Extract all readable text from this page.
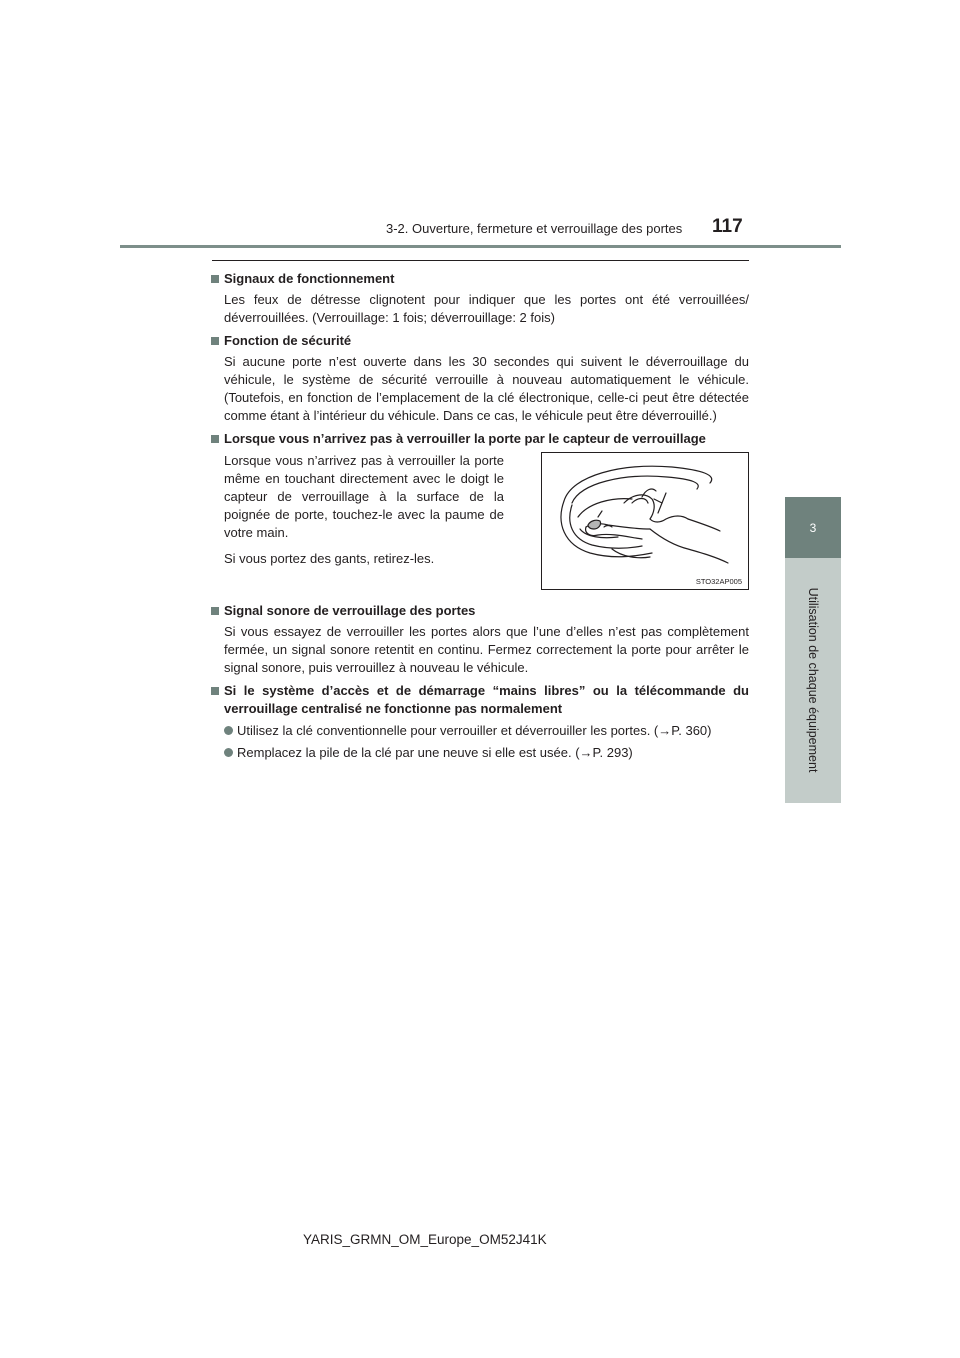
3-2. Ouverture, fermeture et verrouillage des portes 117
3
Utilisation de chaque équipement
Signaux de fonctionnement
Les feux de détresse clignotent pour indiquer que les portes ont été verrouillées/ déverrouillées. (Verrouillage: 1 fois; déverrouillage: 2 fois)
Fonction de sécurité
Si aucune porte n’est ouverte dans les 30 secondes qui suivent le déverrouillage du véhicule, le système de sécurité verrouille à nouveau automatiquement le véhicule. (Toutefois, en fonction de l’emplacement de la clé électronique, celle-ci peut être détectée comme étant à l’intérieur du véhicule. Dans ce cas, le véhicule peut être déverrouillé.)
Lorsque vous n’arrivez pas à verrouiller la porte par le capteur de verrouillage

Lorsque vous n’arrivez pas à verrouiller la porte même en touchant directement avec le doigt le capteur de verrouillage à la surface de la poignée de porte, touchez-le avec la paume de votre main.

Si vous portez des gants, retirez-les.

STO32AP005
Signal sonore de verrouillage des portes
Si vous essayez de verrouiller les portes alors que l’une d’elles n’est pas complètement fermée, un signal sonore retentit en continu. Fermez correctement la porte pour arrêter le signal sonore, puis verrouillez à nouveau le véhicule.
Si le système d’accès et de démarrage “mains libres” ou la télécommande du verrouillage centralisé ne fonctionne pas normalement
Utilisez la clé conventionnelle pour verrouiller et déverrouiller les portes. (→P. 360)
Remplacez la pile de la clé par une neuve si elle est usée. (→P. 293)
YARIS_GRMN_OM_Europe_OM52J41K
